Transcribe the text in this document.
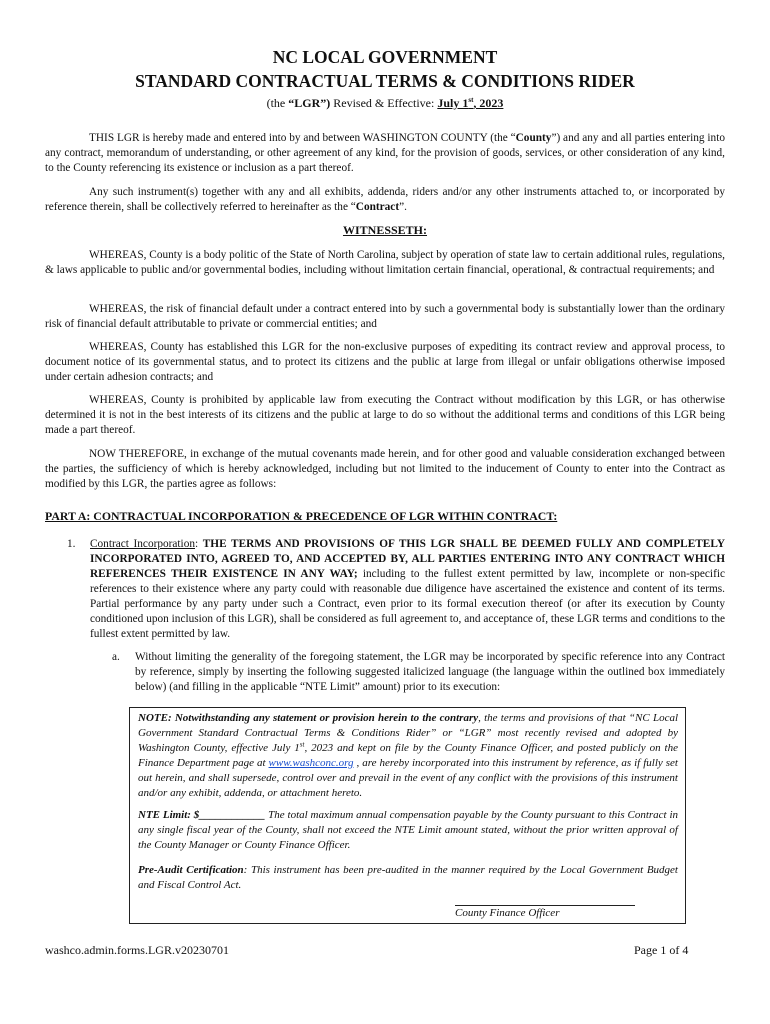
NC LOCAL GOVERNMENT
STANDARD CONTRACTUAL TERMS & CONDITIONS RIDER
(the “LGR”) Revised & Effective: July 1st, 2023
THIS LGR is hereby made and entered into by and between WASHINGTON COUNTY (the “County”) and any and all parties entering into any contract, memorandum of understanding, or other agreement of any kind, for the provision of goods, services, or other consideration of any kind, to the County referencing its existence or inclusion as a part thereof.
Any such instrument(s) together with any and all exhibits, addenda, riders and/or any other instruments attached to, or incorporated by reference therein, shall be collectively referred to hereinafter as the “Contract”.
WITNESSETH:
WHEREAS, County is a body politic of the State of North Carolina, subject by operation of state law to certain additional rules, regulations, & laws applicable to public and/or governmental bodies, including without limitation certain financial, operational, & contractual requirements; and
WHEREAS, the risk of financial default under a contract entered into by such a governmental body is substantially lower than the ordinary risk of financial default attributable to private or commercial entities; and
WHEREAS, County has established this LGR for the non-exclusive purposes of expediting its contract review and approval process, to document notice of its governmental status, and to protect its citizens and the public at large from illegal or unfair obligations otherwise imposed under certain adhesion contracts; and
WHEREAS, County is prohibited by applicable law from executing the Contract without modification by this LGR, or has otherwise determined it is not in the best interests of its citizens and the public at large to do so without the additional terms and conditions of this LGR being made a part thereof.
NOW THEREFORE, in exchange of the mutual covenants made herein, and for other good and valuable consideration exchanged between the parties, the sufficiency of which is hereby acknowledged, including but not limited to the inducement of County to enter into the Contract as modified by this LGR, the parties agree as follows:
PART A: CONTRACTUAL INCORPORATION & PRECEDENCE OF LGR WITHIN CONTRACT:
1. Contract Incorporation: THE TERMS AND PROVISIONS OF THIS LGR SHALL BE DEEMED FULLY AND COMPLETELY INCORPORATED INTO, AGREED TO, AND ACCEPTED BY, ALL PARTIES ENTERING INTO ANY CONTRACT WHICH REFERENCES THEIR EXISTENCE IN ANY WAY; including to the fullest extent permitted by law, incomplete or non-specific references to their existence where any party could with reasonable due diligence have ascertained the existence and content of its terms. Partial performance by any party under such a Contract, even prior to its formal execution thereof (or after its execution by County conditioned upon inclusion of this LGR), shall be considered as full agreement to, and acceptance of, these LGR terms and conditions to the fullest extent permitted by law.
a. Without limiting the generality of the foregoing statement, the LGR may be incorporated by specific reference into any Contract by reference, simply by inserting the following suggested italicized language (the language within the outlined box immediately below) (and filling in the applicable “NTE Limit” amount) prior to its execution:
NOTE: Notwithstanding any statement or provision herein to the contrary, the terms and provisions of that “NC Local Government Standard Contractual Terms & Conditions Rider” or “LGR” most recently revised and adopted by Washington County, effective July 1st, 2023 and kept on file by the County Finance Officer, and posted publicly on the Finance Department page at www.washconc.org , are hereby incorporated into this instrument by reference, as if fully set out herein, and shall supersede, control over and prevail in the event of any conflict with the provisions of this instrument and/or any exhibit, addenda, or attachment hereto.
NTE Limit: $____________ The total maximum annual compensation payable by the County pursuant to this Contract in any single fiscal year of the County, shall not exceed the NTE Limit amount stated, without the prior written approval of the County Manager or County Finance Officer.
Pre-Audit Certification: This instrument has been pre-audited in the manner required by the Local Government Budget and Fiscal Control Act.
County Finance Officer
washco.admin.forms.LGR.v20230701	Page 1 of 4
